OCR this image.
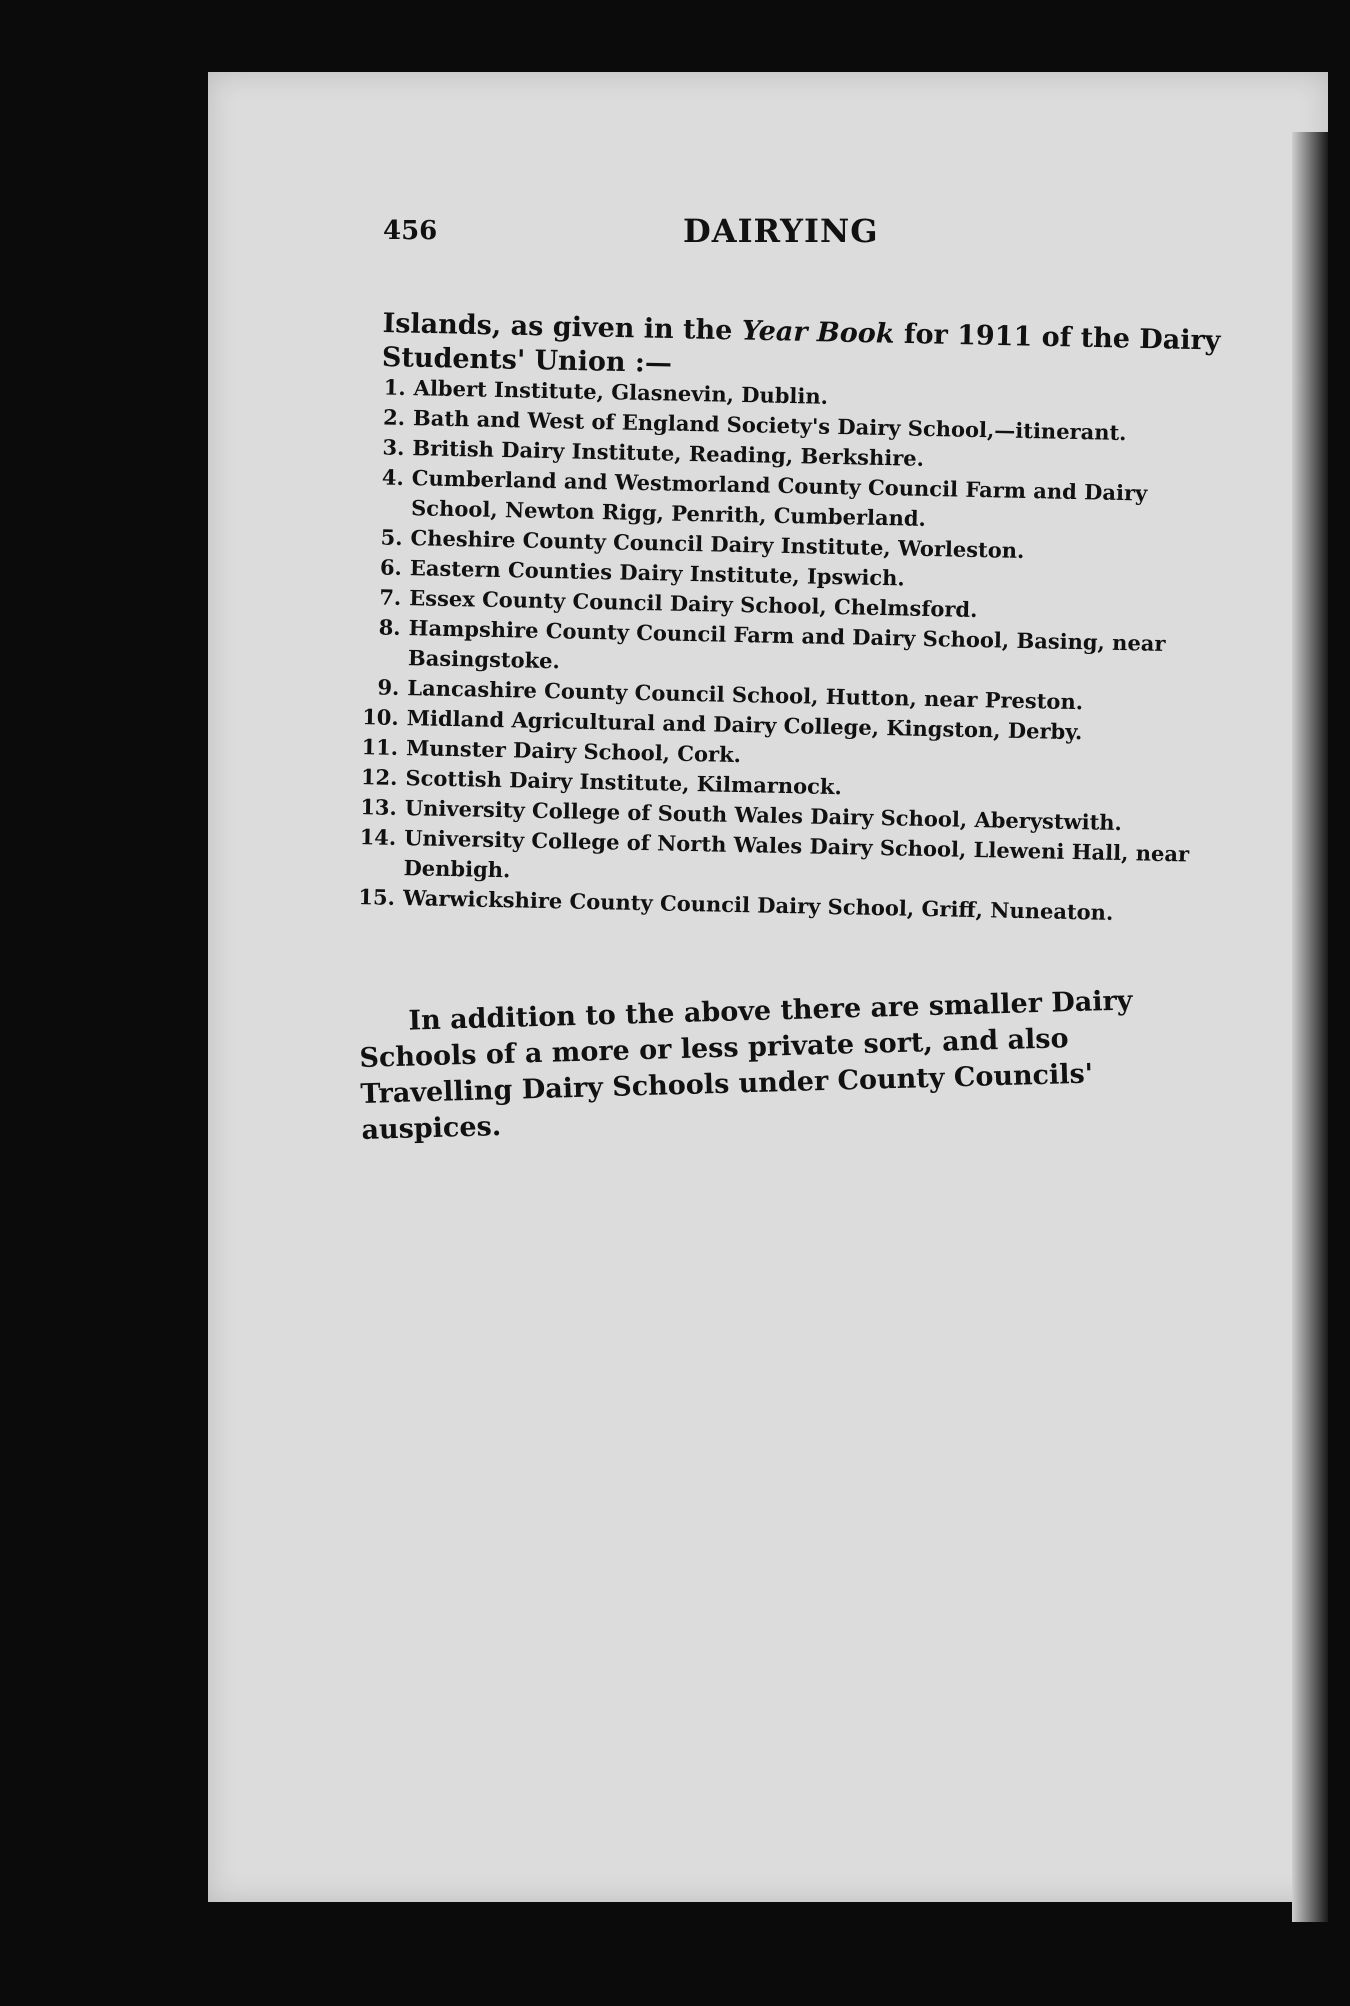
456	DAIRYING

Islands, as given in the Year Book for 1911 of the Dairy Students' Union :—

1. Albert Institute, Glasnevin, Dublin.
2. Bath and West of England Society's Dairy School,—itinerant.
3. British Dairy Institute, Reading, Berkshire.
4. Cumberland and Westmorland County Council Farm and Dairy School, Newton Rigg, Penrith, Cumberland.
5. Cheshire County Council Dairy Institute, Worleston.
6. Eastern Counties Dairy Institute, Ipswich.
7. Essex County Council Dairy School, Chelmsford.
8. Hampshire County Council Farm and Dairy School, Basing, near Basingstoke.
9. Lancashire County Council School, Hutton, near Preston.
10. Midland Agricultural and Dairy College, Kingston, Derby.
11. Munster Dairy School, Cork.
12. Scottish Dairy Institute, Kilmarnock.
13. University College of South Wales Dairy School, Aberystwith.
14. University College of North Wales Dairy School, Lleweni Hall, near Denbigh.
15. Warwickshire County Council Dairy School, Griff, Nuneaton.

In addition to the above there are smaller Dairy Schools of a more or less private sort, and also Travelling Dairy Schools under County Councils' auspices.
